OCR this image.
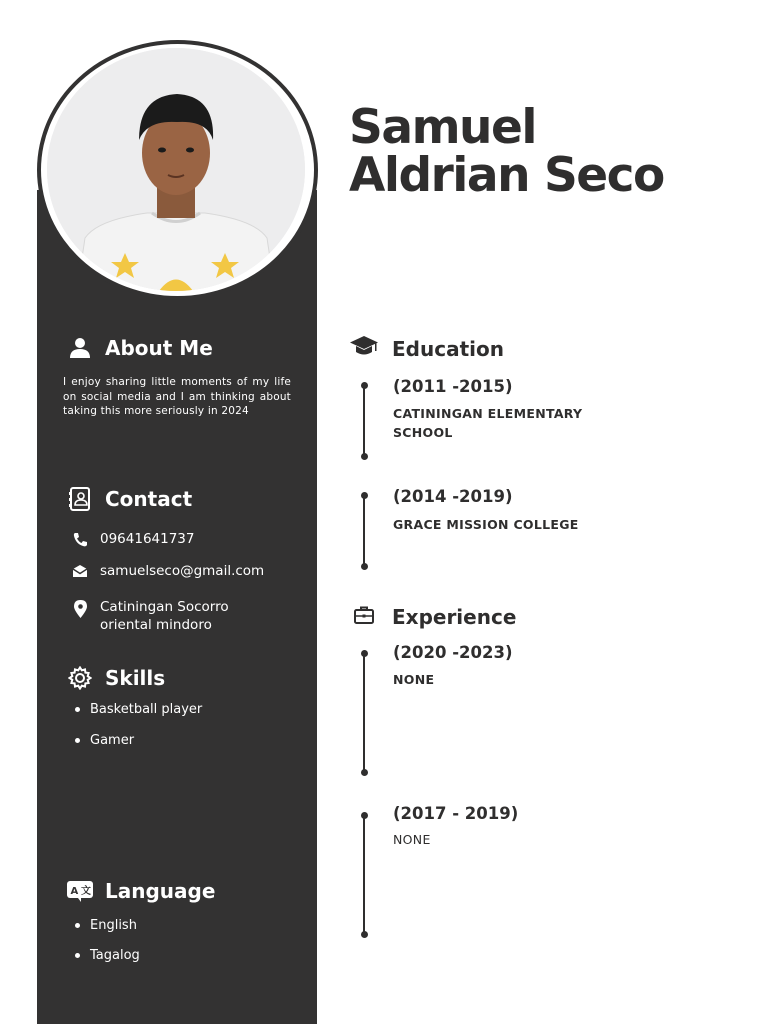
Samuel
Aldrian Seco
About Me
I enjoy sharing little moments of my life on social media and I am thinking about taking this more seriously in 2024
Contact
09641641737
samuelseco@gmail.com
Catiningan Socorro
oriental mindoro
Skills
Basketball player
Gamer
A 文 Language
English
Tagalog
Education
(2011 -2015)
CATININGAN ELEMENTARY SCHOOL
(2014 -2019)
GRACE MISSION COLLEGE
Experience
(2020 -2023)
NONE
(2017 - 2019)
NONE
